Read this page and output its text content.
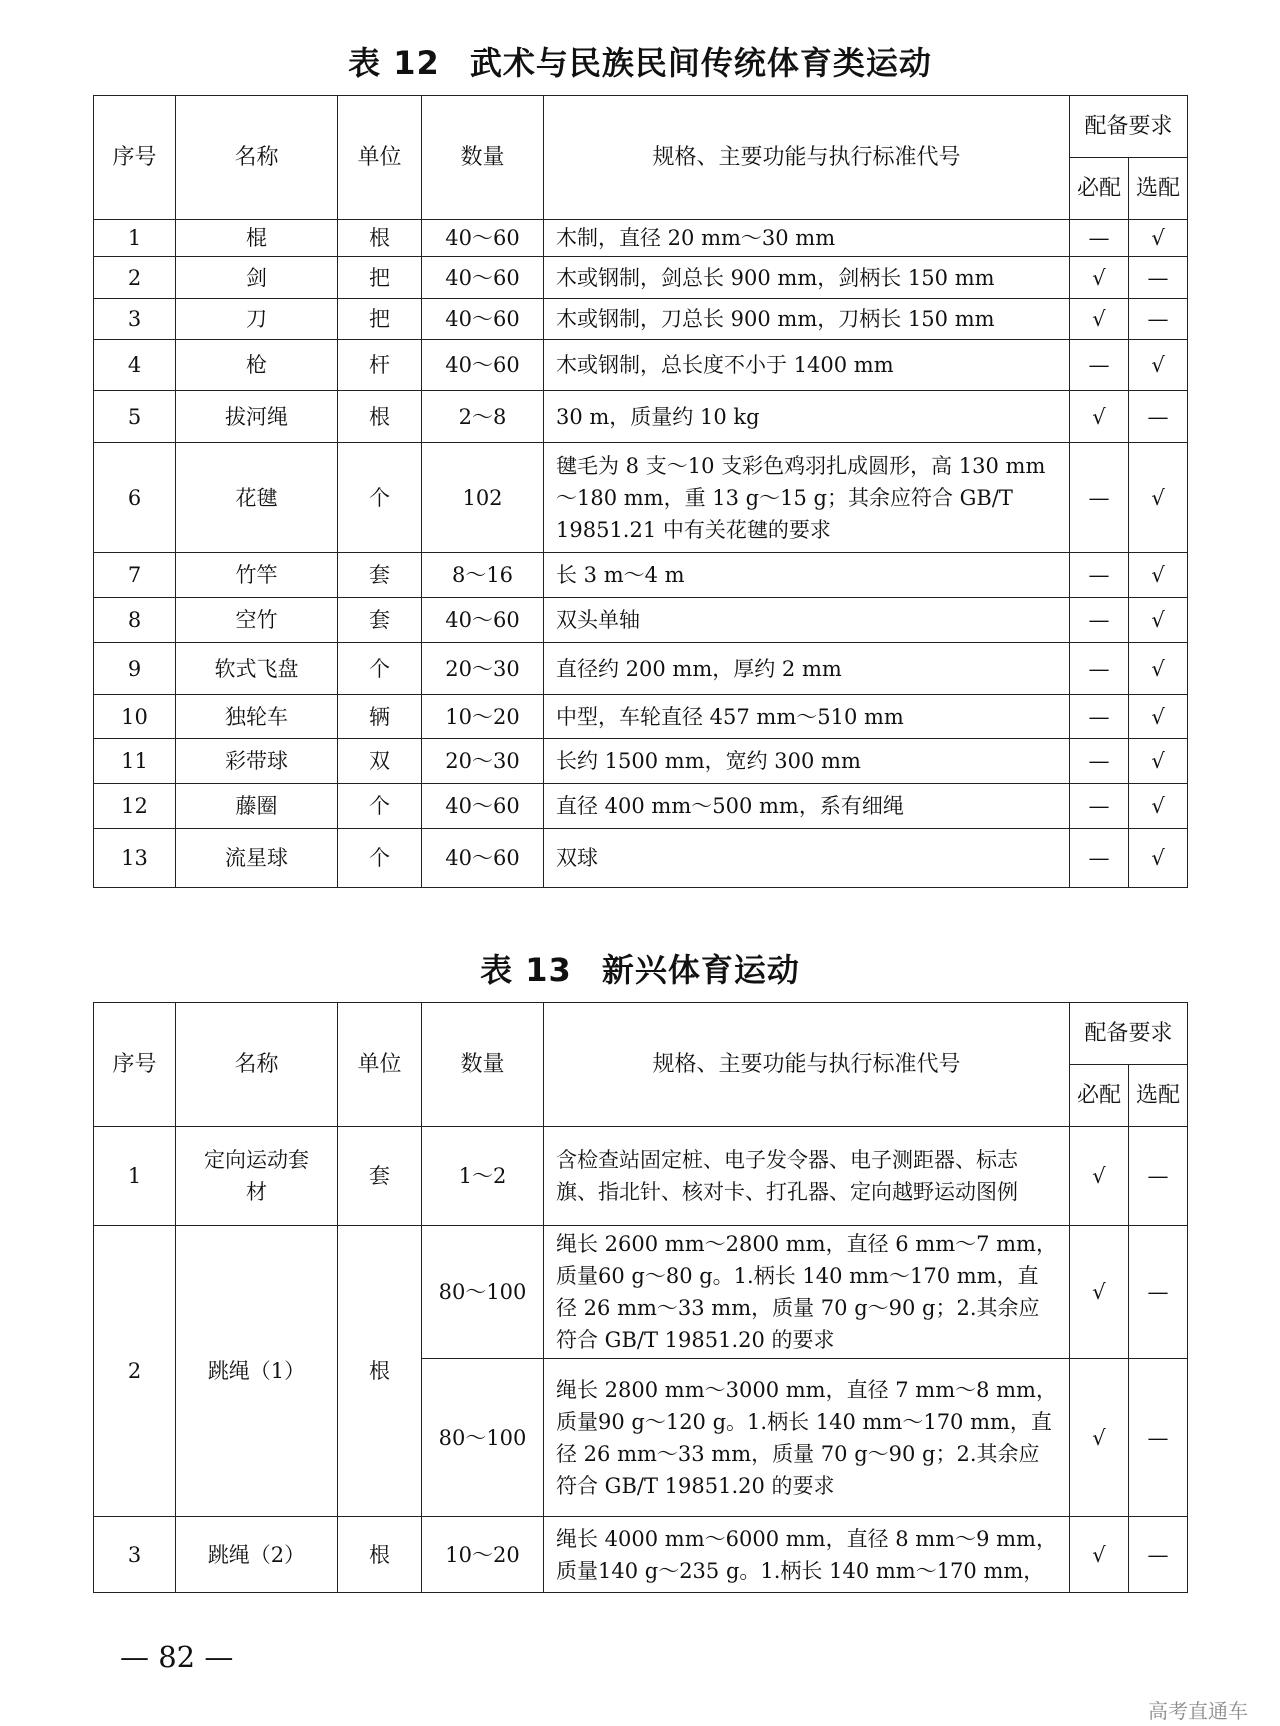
表 12 武术与民族民间传统体育类运动
序号	名称	单位	数量	规格、主要功能与执行标准代号	配备要求	
					必配	选配
1	棍	根	40～60	木制，直径 20 mm～30 mm	—	√
2	剑	把	40～60	木或钢制，剑总长 900 mm，剑柄长 150 mm	√	—
3	刀	把	40～60	木或钢制，刀总长 900 mm，刀柄长 150 mm	√	—
4	枪	杆	40～60	木或钢制，总长度不小于 1400 mm	—	√
5	拔河绳	根	2～8	30 m，质量约 10 kg	√	—
6	花毽	个	102	毽毛为 8 支～10 支彩色鸡羽扎成圆形，高 130 mm～180 mm，重 13 g～15 g；其余应符合 GB/T 19851.21 中有关花毽的要求	—	√
7	竹竿	套	8～16	长 3 m～4 m	—	√
8	空竹	套	40～60	双头单轴	—	√
9	软式飞盘	个	20～30	直径约 200 mm，厚约 2 mm	—	√
10	独轮车	辆	10～20	中型，车轮直径 457 mm～510 mm	—	√
11	彩带球	双	20～30	长约 1500 mm，宽约 300 mm	—	√
12	藤圈	个	40～60	直径 400 mm～500 mm，系有细绳	—	√
13	流星球	个	40～60	双球	—	√
表 13 新兴体育运动
序号	名称	单位	数量	规格、主要功能与执行标准代号	配备要求	
					必配	选配
1	定向运动套材	套	1～2	含检查站固定桩、电子发令器、电子测距器、标志旗、指北针、核对卡、打孔器、定向越野运动图例	√	—
2	跳绳（1）	根	80～100	绳长 2600 mm～2800 mm，直径 6 mm～7 mm，质量60 g～80 g。1.柄长 140 mm～170 mm，直径 26 mm～33 mm，质量 70 g～90 g；2.其余应符合 GB/T 19851.20 的要求	√	—
			80～100	绳长 2800 mm～3000 mm，直径 7 mm～8 mm，质量90 g～120 g。1.柄长 140 mm～170 mm，直径 26 mm～33 mm，质量 70 g～90 g；2.其余应符合 GB/T 19851.20 的要求	√	—
3	跳绳（2）	根	10～20	绳长 4000 mm～6000 mm，直径 8 mm～9 mm，质量140 g～235 g。1.柄长 140 mm～170 mm，	√	—
— 82 —
高考直通车
